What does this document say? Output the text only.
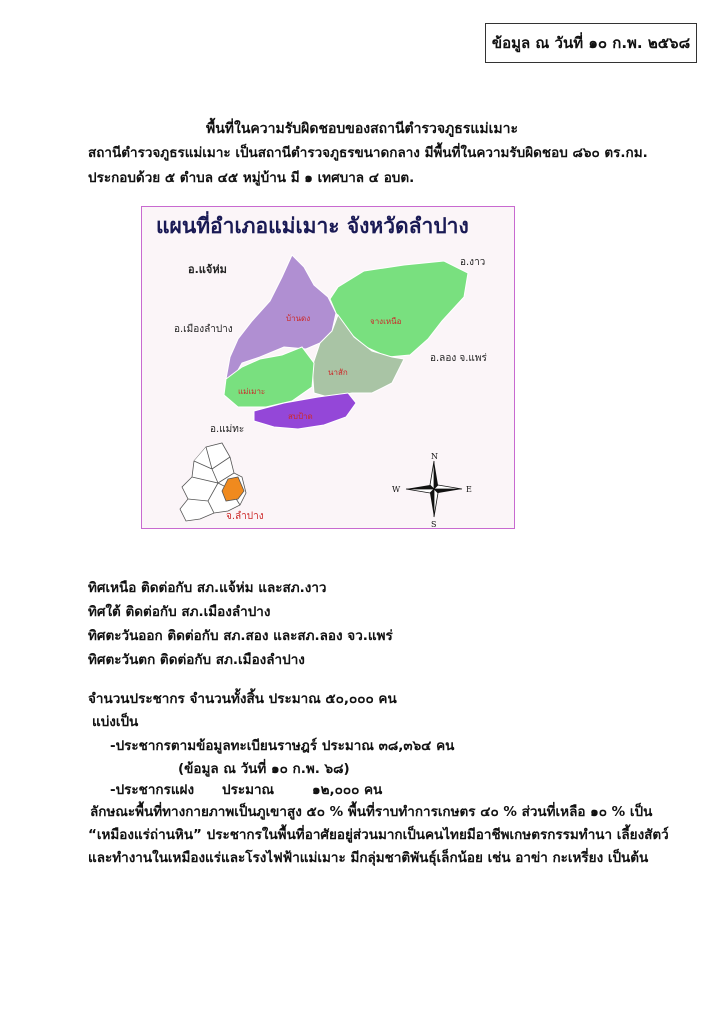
ข้อมูล ณ วันที่ ๑๐ ก.พ. ๒๕๖๘
พื้นที่ในความรับผิดชอบของสถานีตำรวจภูธรแม่เมาะ
สถานีตำรวจภูธรแม่เมาะ เป็นสถานีตำรวจภูธรขนาดกลาง มีพื้นที่ในความรับผิดชอบ ๘๖๐ ตร.กม.
ประกอบด้วย ๕ ตำบล ๔๕ หมู่บ้าน มี ๑ เทศบาล ๔ อบต.
แผนที่อำเภอแม่เมาะ จังหวัดลำปาง
บ้านดง	จางเหนือ
นาสัก
แม่เมาะ
สบป้าด
อ.แจ้ห่ม
อ.งาว
อ.เมืองลำปาง
อ.ลอง จ.แพร่
อ.แม่ทะ
จ.ลำปาง
N
S
E
W
ทิศเหนือ ติดต่อกับ สภ.แจ้ห่ม และสภ.งาว
ทิศใต้ ติดต่อกับ สภ.เมืองลำปาง
ทิศตะวันออก ติดต่อกับ สภ.สอง และสภ.ลอง จว.แพร่
ทิศตะวันตก ติดต่อกับ สภ.เมืองลำปาง
จำนวนประชากร จำนวนทั้งสิ้น ประมาณ ๕๐,๐๐๐ คน
แบ่งเป็น
-ประชากรตามข้อมูลทะเบียนราษฎร์ ประมาณ ๓๘,๓๖๔ คน
(ข้อมูล ณ วันที่ ๑๐ ก.พ. ๖๘)
-ประชากรแฝง ประมาณ	๑๒,๐๐๐ คน
ลักษณะพื้นที่ทางกายภาพเป็นภูเขาสูง ๕๐ % พื้นที่ราบทำการเกษตร ๔๐ % ส่วนที่เหลือ ๑๐ % เป็น
“เหมืองแร่ถ่านหิน” ประชากรในพื้นที่อาศัยอยู่ส่วนมากเป็นคนไทยมีอาชีพเกษตรกรรมทำนา เลี้ยงสัตว์
และทำงานในเหมืองแร่และโรงไฟฟ้าแม่เมาะ มีกลุ่มชาติพันธุ์เล็กน้อย เช่น อาข่า กะเหรี่ยง เป็นต้น
